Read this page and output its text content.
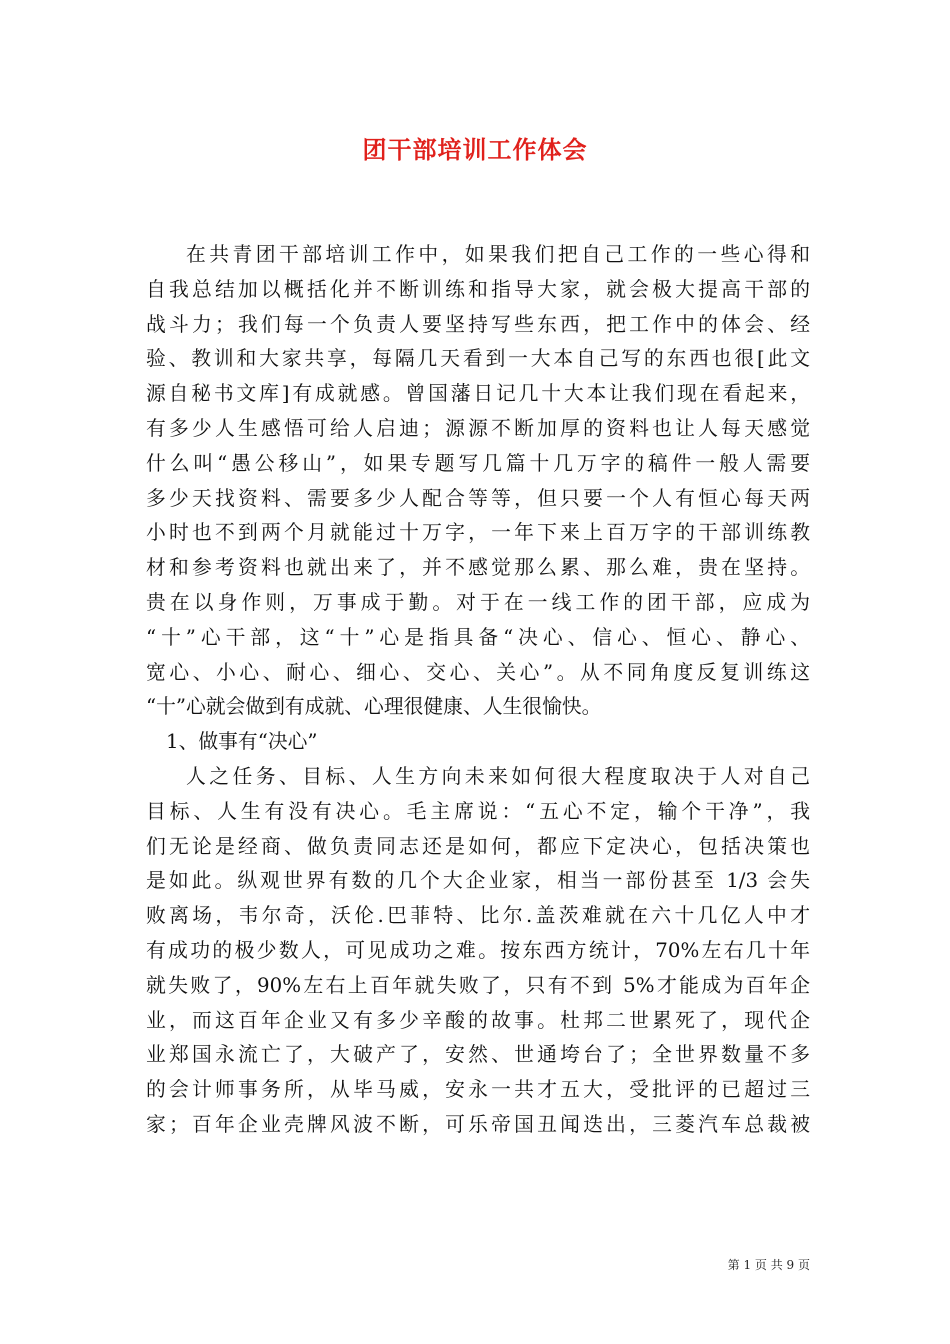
团干部培训工作体会
在共青团干部培训工作中，如果我们把自己工作的一些心得和
自我总结加以概括化并不断训练和指导大家，就会极大提高干部的
战斗力；我们每一个负责人要坚持写些东西，把工作中的体会、经
验、教训和大家共享，每隔几天看到一大本自己写的东西也很[此文
源自秘书文库]有成就感。曾国藩日记几十大本让我们现在看起来，
有多少人生感悟可给人启迪；源源不断加厚的资料也让人每天感觉
什么叫“愚公移山”，如果专题写几篇十几万字的稿件一般人需要
多少天找资料、需要多少人配合等等，但只要一个人有恒心每天两
小时也不到两个月就能过十万字，一年下来上百万字的干部训练教
材和参考资料也就出来了，并不感觉那么累、那么难，贵在坚持。
贵在以身作则，万事成于勤。对于在一线工作的团干部，应成为
“十”心干部，这“十”心是指具备“决心、信心、恒心、静心、
宽心、小心、耐心、细心、交心、关心”。从不同角度反复训练这
“十”心就会做到有成就、心理很健康、人生很愉快。
1、做事有“决心”
人之任务、目标、人生方向未来如何很大程度取决于人对自己
目标、人生有没有决心。毛主席说：“五心不定，输个干净”，我
们无论是经商、做负责同志还是如何，都应下定决心，包括决策也
是如此。纵观世界有数的几个大企业家，相当一部份甚至 1/3 会失
败离场，韦尔奇，沃伦.巴菲特、比尔.盖茨难就在六十几亿人中才
有成功的极少数人，可见成功之难。按东西方统计，70%左右几十年
就失败了，90%左右上百年就失败了，只有不到 5%才能成为百年企
业，而这百年企业又有多少辛酸的故事。杜邦二世累死了，现代企
业郑国永流亡了，大破产了，安然、世通垮台了；全世界数量不多
的会计师事务所，从毕马威，安永一共才五大，受批评的已超过三
家；百年企业壳牌风波不断，可乐帝国丑闻迭出，三菱汽车总裁被
第 1 页 共 9 页
